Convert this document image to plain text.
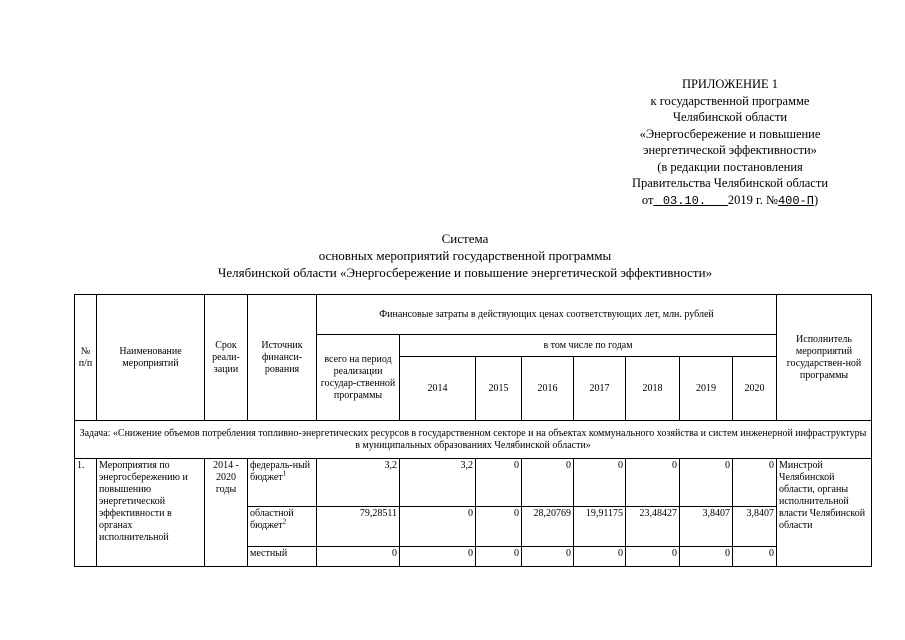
ПРИЛОЖЕНИЕ 1
к государственной программе
Челябинской области
«Энергосбережение и повышение
энергетической эффективности»
(в редакции постановления
Правительства Челябинской области
от 03.10. 2019 г. №400-П)
Система
основных мероприятий государственной программы
Челябинской области «Энергосбережение и повышение энергетической эффективности»
№ п/п	Наименование мероприятий	Срок реали-зации	Источник финанси-рования	Финансовые затраты в действующих ценах соответствующих лет, млн. рублей								Исполнитель мероприятий государствен-ной программы
				всего на период реализации государ-ственной программы	в том числе по годам							
					2014	2015	2016	2017	2018	2019	2020	
Задача: «Снижение объемов потребления топливно-энергетических ресурсов в государственном секторе и на объектах коммунального хозяйства и систем инженерной инфраструктуры в муниципальных образованиях Челябинской области»												
1.	Мероприятия по энергосбережению и повышению энергетической эффективности в органах исполнительной	2014 - 2020 годы	федераль-ный бюджет$^1$	3,2	3,2	0	0	0	0	0	0	Минстрой Челябинской области, органы исполнительной власти Челябинской области
			областной бюджет$^2$	79,28511	0	0	28,20769	19,91175	23,48427	3,8407	3,8407	
			местный	0	0	0	0	0	0	0	0	
